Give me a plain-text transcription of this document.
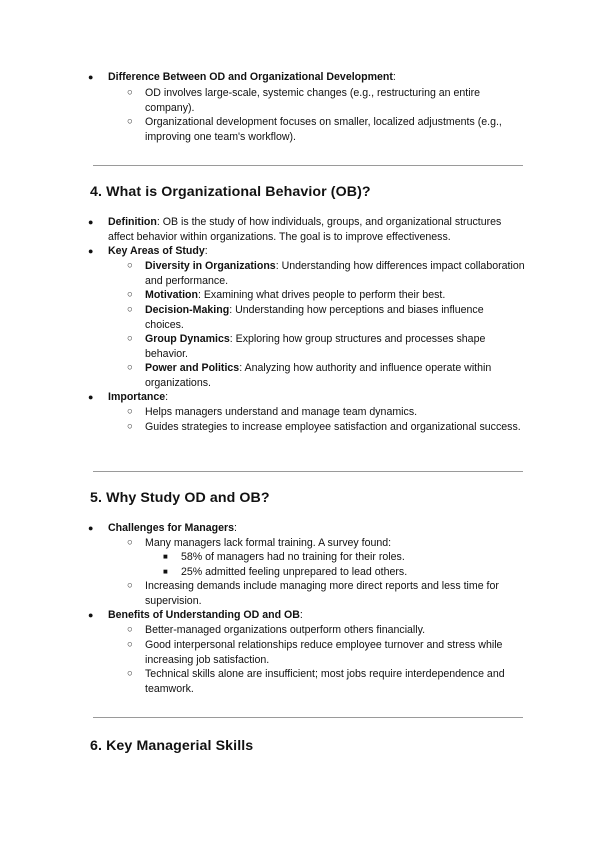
● Difference Between OD and Organizational Development:
○ OD involves large-scale, systemic changes (e.g., restructuring an entire company).
○ Organizational development focuses on smaller, localized adjustments (e.g., improving one team's workflow).
4. What is Organizational Behavior (OB)?
● Definition: OB is the study of how individuals, groups, and organizational structures affect behavior within organizations. The goal is to improve effectiveness.
● Key Areas of Study:
○ Diversity in Organizations: Understanding how differences impact collaboration and performance.
○ Motivation: Examining what drives people to perform their best.
○ Decision-Making: Understanding how perceptions and biases influence choices.
○ Group Dynamics: Exploring how group structures and processes shape behavior.
○ Power and Politics: Analyzing how authority and influence operate within organizations.
● Importance:
○ Helps managers understand and manage team dynamics.
○ Guides strategies to increase employee satisfaction and organizational success.
5. Why Study OD and OB?
● Challenges for Managers:
○ Many managers lack formal training. A survey found:
■ 58% of managers had no training for their roles.
■ 25% admitted feeling unprepared to lead others.
○ Increasing demands include managing more direct reports and less time for supervision.
● Benefits of Understanding OD and OB:
○ Better-managed organizations outperform others financially.
○ Good interpersonal relationships reduce employee turnover and stress while increasing job satisfaction.
○ Technical skills alone are insufficient; most jobs require interdependence and teamwork.
6. Key Managerial Skills
